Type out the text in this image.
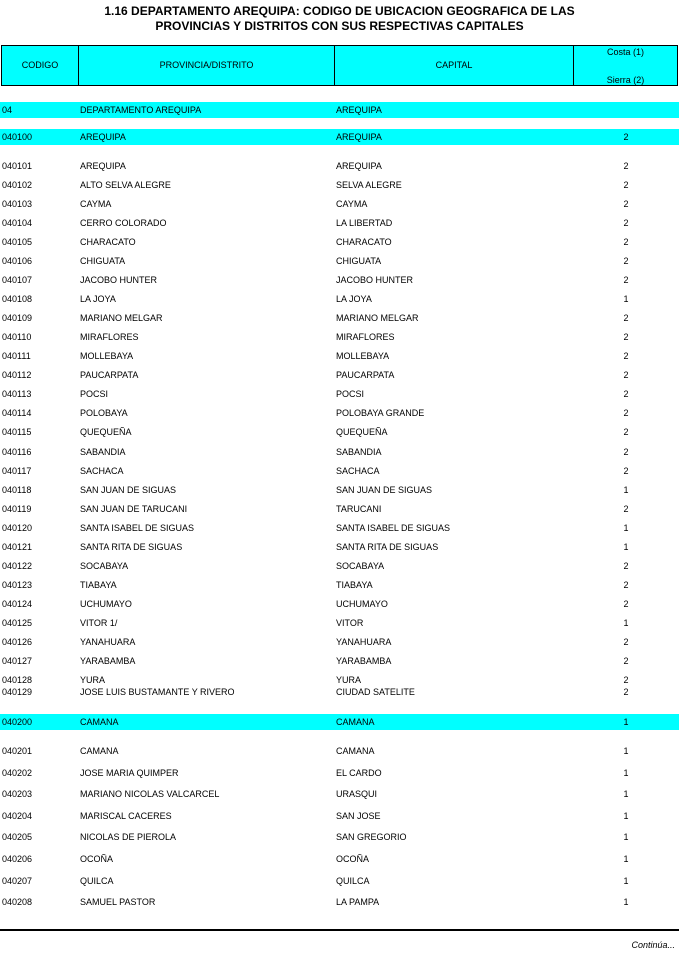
1.16 DEPARTAMENTO AREQUIPA: CODIGO DE UBICACION GEOGRAFICA DE LAS
PROVINCIAS Y DISTRITOS CON SUS RESPECTIVAS CAPITALES
CODIGO	PROVINCIA/DISTRITO	CAPITAL
Costa (1)
Sierra (2)
04	DEPARTAMENTO AREQUIPA	AREQUIPA
040100	AREQUIPA	AREQUIPA	2
040101	AREQUIPA	AREQUIPA	2
040102	ALTO SELVA ALEGRE	SELVA ALEGRE	2
040103	CAYMA	CAYMA	2
040104	CERRO COLORADO	LA LIBERTAD	2
040105	CHARACATO	CHARACATO	2
040106	CHIGUATA	CHIGUATA	2
040107	JACOBO HUNTER	JACOBO HUNTER	2
040108	LA JOYA	LA JOYA	1
040109	MARIANO MELGAR	MARIANO MELGAR	2
040110	MIRAFLORES	MIRAFLORES	2
040111	MOLLEBAYA	MOLLEBAYA	2
040112	PAUCARPATA	PAUCARPATA	2
040113	POCSI	POCSI	2
040114	POLOBAYA	POLOBAYA GRANDE	2
040115	QUEQUEÑA	QUEQUEÑA	2
040116	SABANDIA	SABANDIA	2
040117	SACHACA	SACHACA	2
040118	SAN JUAN DE SIGUAS	SAN JUAN DE SIGUAS	1
040119	SAN JUAN DE TARUCANI	TARUCANI	2
040120	SANTA ISABEL DE SIGUAS	SANTA ISABEL DE SIGUAS	1
040121	SANTA RITA DE SIGUAS	SANTA RITA DE SIGUAS	1
040122	SOCABAYA	SOCABAYA	2
040123	TIABAYA	TIABAYA	2
040124	UCHUMAYO	UCHUMAYO	2
040125	VITOR 1/	VITOR	1
040126	YANAHUARA	YANAHUARA	2
040127	YARABAMBA	YARABAMBA	2
040128	YURA	YURA	2
040129	JOSE LUIS BUSTAMANTE Y RIVERO	CIUDAD SATELITE	2
040200	CAMANA	CAMANA	1
040201	CAMANA	CAMANA	1
040202	JOSE MARIA QUIMPER	EL CARDO	1
040203	MARIANO NICOLAS VALCARCEL	URASQUI	1
040204	MARISCAL CACERES	SAN JOSE	1
040205	NICOLAS DE PIEROLA	SAN GREGORIO	1
040206	OCOÑA	OCOÑA	1
040207	QUILCA	QUILCA	1
040208	SAMUEL PASTOR	LA PAMPA	1
Continúa...
